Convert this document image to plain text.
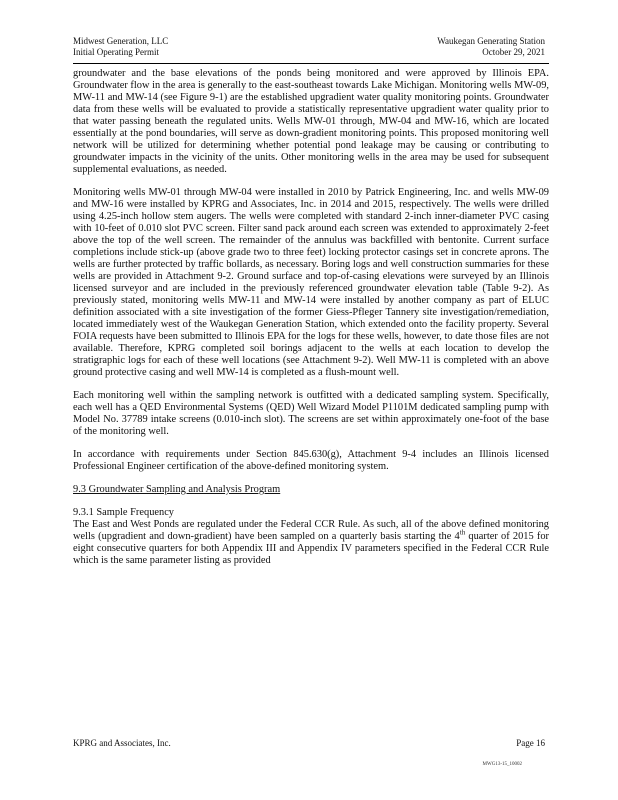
Midwest Generation, LLC
Initial Operating Permit
Waukegan Generating Station
October 29, 2021

groundwater and the base elevations of the ponds being monitored and were approved by Illinois EPA. Groundwater flow in the area is generally to the east-southeast towards Lake Michigan. Monitoring wells MW-09, MW-11 and MW-14 (see Figure 9-1) are the established upgradient water quality monitoring points. Groundwater data from these wells will be evaluated to provide a statistically representative upgradient water quality prior to that water passing beneath the regulated units. Wells MW-01 through, MW-04 and MW-16, which are located essentially at the pond boundaries, will serve as down-gradient monitoring points. This proposed monitoring well network will be utilized for determining whether potential pond leakage may be causing or contributing to groundwater impacts in the vicinity of the units. Other monitoring wells in the area may be used for subsequent supplemental evaluations, as needed.

Monitoring wells MW-01 through MW-04 were installed in 2010 by Patrick Engineering, Inc. and wells MW-09 and MW-16 were installed by KPRG and Associates, Inc. in 2014 and 2015, respectively. The wells were drilled using 4.25-inch hollow stem augers. The wells were completed with standard 2-inch inner-diameter PVC casing with 10-feet of 0.010 slot PVC screen. Filter sand pack around each screen was extended to approximately 2-feet above the top of the well screen. The remainder of the annulus was backfilled with bentonite. Current surface completions include stick-up (above grade two to three feet) locking protector casings set in concrete aprons. The wells are further protected by traffic bollards, as necessary. Boring logs and well construction summaries for these wells are provided in Attachment 9-2. Ground surface and top-of-casing elevations were surveyed by an Illinois licensed surveyor and are included in the previously referenced groundwater elevation table (Table 9-2). As previously stated, monitoring wells MW-11 and MW-14 were installed by another company as part of ELUC definition associated with a site investigation of the former Giess-Pfleger Tannery site investigation/remediation, located immediately west of the Waukegan Generation Station, which extended onto the facility property. Several FOIA requests have been submitted to Illinois EPA for the logs for these wells, however, to date those files are not available. Therefore, KPRG completed soil borings adjacent to the wells at each location to develop the stratigraphic logs for each of these well locations (see Attachment 9-2). Well MW-11 is completed with an above ground protective casing and well MW-14 is completed as a flush-mount well.

Each monitoring well within the sampling network is outfitted with a dedicated sampling system. Specifically, each well has a QED Environmental Systems (QED) Well Wizard Model P1101M dedicated sampling pump with Model No. 37789 intake screens (0.010-inch slot). The screens are set within approximately one-foot of the base of the monitoring well.

In accordance with requirements under Section 845.630(g), Attachment 9-4 includes an Illinois licensed Professional Engineer certification of the above-defined monitoring system.

9.3 Groundwater Sampling and Analysis Program

9.3.1 Sample Frequency

The East and West Ponds are regulated under the Federal CCR Rule. As such, all of the above defined monitoring wells (upgradient and down-gradient) have been sampled on a quarterly basis starting the 4th quarter of 2015 for eight consecutive quarters for both Appendix III and Appendix IV parameters specified in the Federal CCR Rule which is the same parameter listing as provided

KPRG and Associates, Inc.	Page 16
MWG13-15_10002
